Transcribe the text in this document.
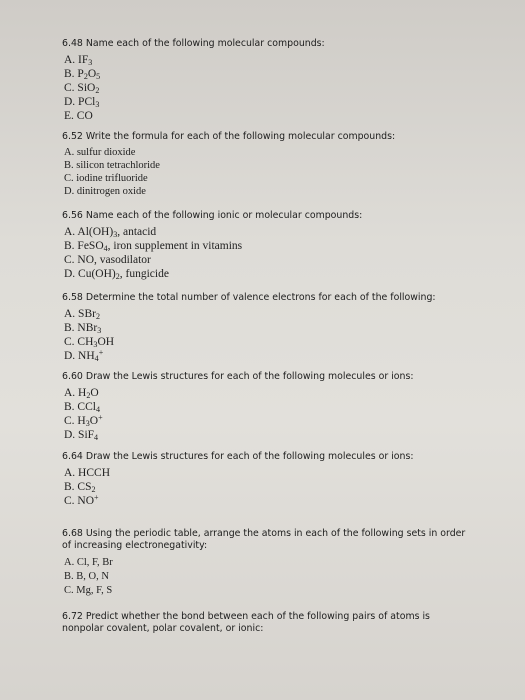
6.48 Name each of the following molecular compounds:
A. $IF_3$
B. $P_2O_5$
C. SiO$_2$
D. PCl$_3$
E. CO
6.52 Write the formula for each of the following molecular compounds:
A. sulfur dioxide
B. silicon tetrachloride
C. iodine trifluoride
D. dinitrogen oxide
6.56 Name each of the following ionic or molecular compounds:
A. $Al(OH)_3$, antacid
B. FeSO$_4$, iron supplement in vitamins
C. NO, vasodilator
D. $Cu(OH)_2$, fungicide
6.58 Determine the total number of valence electrons for each of the following:
A. SBr$_2$
B. NBr$_3$
C. $CH_3OH$
D. $NH_4^+$
6.60 Draw the Lewis structures for each of the following molecules or ions:
A. $H_2O$
B. CCl$_4$
C. $H_3O^+$
D. SiF$_4$
6.64 Draw the Lewis structures for each of the following molecules or ions:
A. HCCH
B. $CS_2$
C. NO+
6.68 Using the periodic table, arrange the atoms in each of the following sets in order of increasing electronegativity:
A. Cl, F, Br
B. B, O, N
C. Mg, F, S
6.72 Predict whether the bond between each of the following pairs of atoms is nonpolar covalent, polar covalent, or ionic:
